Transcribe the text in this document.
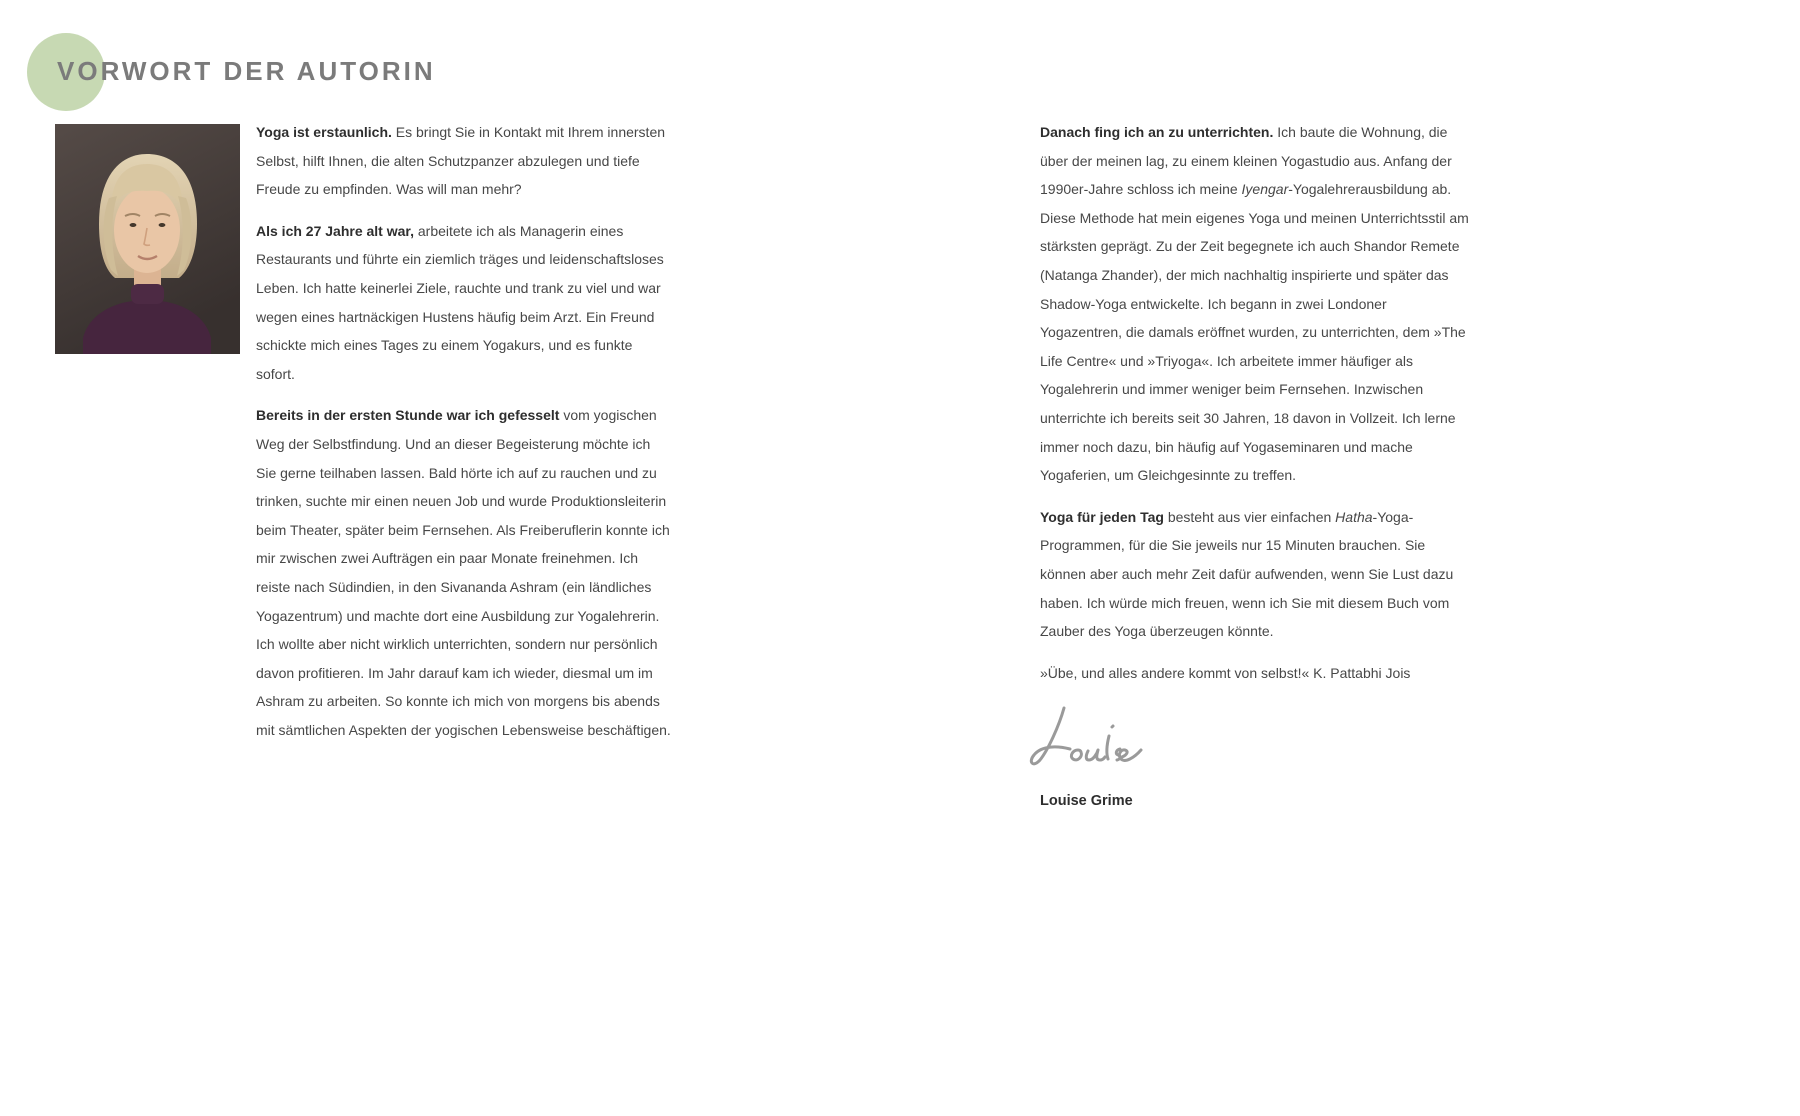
VORWORT DER AUTORIN

Yoga ist erstaunlich. Es bringt Sie in Kontakt mit Ihrem innersten Selbst, hilft Ihnen, die alten Schutzpanzer abzulegen und tiefe Freude zu empfinden. Was will man mehr?

Als ich 27 Jahre alt war, arbeitete ich als Managerin eines Restaurants und führte ein ziemlich träges und leidenschaftsloses Leben. Ich hatte keinerlei Ziele, rauchte und trank zu viel und war wegen eines hartnäckigen Hustens häufig beim Arzt. Ein Freund schickte mich eines Tages zu einem Yogakurs, und es funkte sofort.

Bereits in der ersten Stunde war ich gefesselt vom yogischen Weg der Selbstfindung. Und an dieser Begeisterung möchte ich Sie gerne teilhaben lassen. Bald hörte ich auf zu rauchen und zu trinken, suchte mir einen neuen Job und wurde Produktionsleiterin beim Theater, später beim Fernsehen. Als Freiberuflerin konnte ich mir zwischen zwei Aufträgen ein paar Monate freinehmen. Ich reiste nach Südindien, in den Sivananda Ashram (ein ländliches Yogazentrum) und machte dort eine Ausbildung zur Yogalehrerin. Ich wollte aber nicht wirklich unterrichten, sondern nur persönlich davon profitieren. Im Jahr darauf kam ich wieder, diesmal um im Ashram zu arbeiten. So konnte ich mich von morgens bis abends mit sämtlichen Aspekten der yogischen Lebensweise beschäftigen.

Danach fing ich an zu unterrichten. Ich baute die Wohnung, die über der meinen lag, zu einem kleinen Yogastudio aus. Anfang der 1990er-Jahre schloss ich meine Iyengar-Yogalehrerausbildung ab. Diese Methode hat mein eigenes Yoga und meinen Unterrichtsstil am stärksten geprägt. Zu der Zeit begegnete ich auch Shandor Remete (Natanga Zhander), der mich nachhaltig inspirierte und später das Shadow-Yoga entwickelte. Ich begann in zwei Londoner Yogazentren, die damals eröffnet wurden, zu unterrichten, dem »The Life Centre« und »Triyoga«. Ich arbeitete immer häufiger als Yogalehrerin und immer weniger beim Fernsehen. Inzwischen unterrichte ich bereits seit 30 Jahren, 18 davon in Vollzeit. Ich lerne immer noch dazu, bin häufig auf Yogaseminaren und mache Yogaferien, um Gleichgesinnte zu treffen.

Yoga für jeden Tag besteht aus vier einfachen Hatha-Yoga-Programmen, für die Sie jeweils nur 15 Minuten brauchen. Sie können aber auch mehr Zeit dafür aufwenden, wenn Sie Lust dazu haben. Ich würde mich freuen, wenn ich Sie mit diesem Buch vom Zauber des Yoga überzeugen könnte.

»Übe, und alles andere kommt von selbst!« K. Pattabhi Jois

Louise Grime
